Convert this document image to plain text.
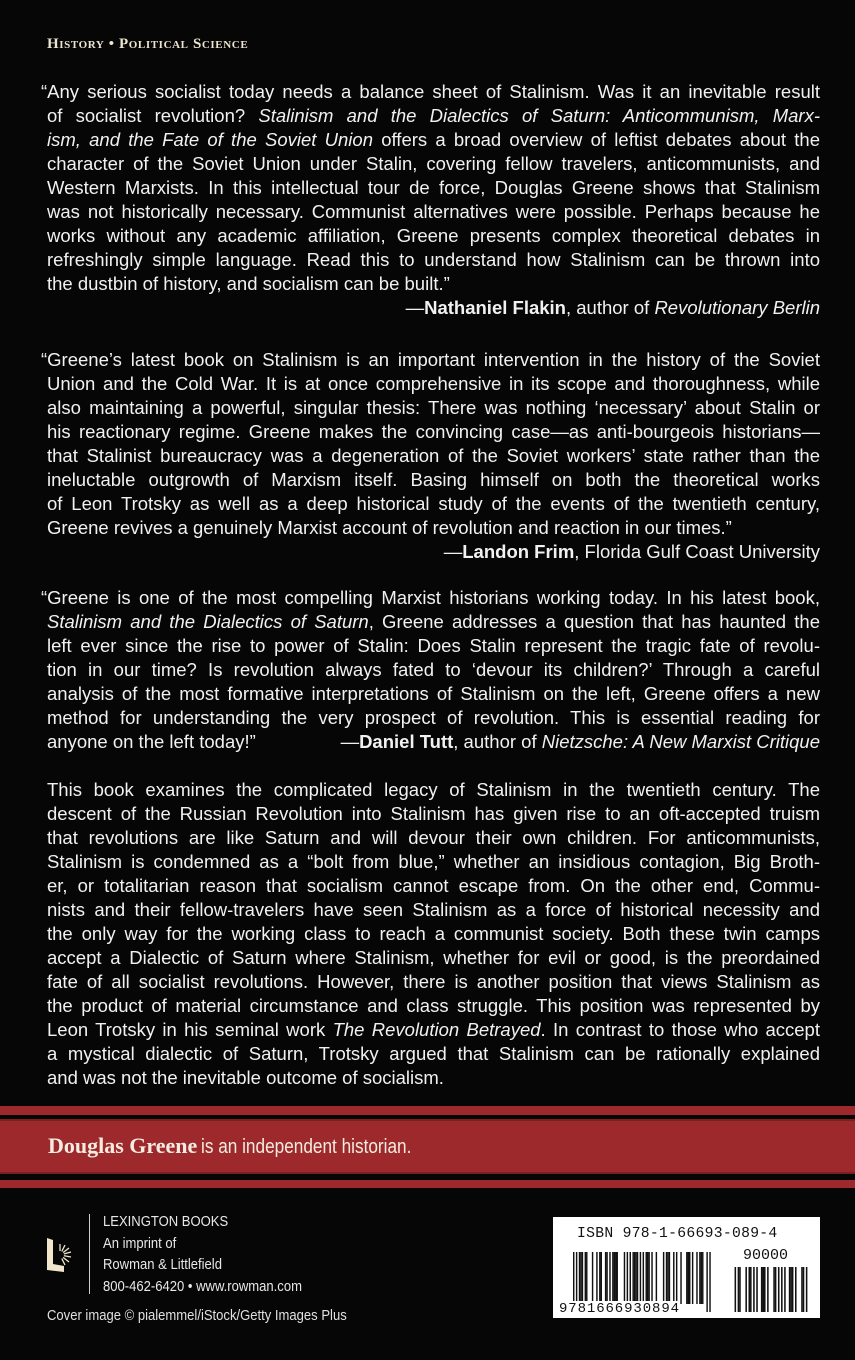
History • Political Science
“Any serious socialist today needs a balance sheet of Stalinism. Was it an inevitable result
of socialist revolution? Stalinism and the Dialectics of Saturn: Anticommunism, Marx-
ism, and the Fate of the Soviet Union offers a broad overview of leftist debates about the
character of the Soviet Union under Stalin, covering fellow travelers, anticommunists, and
Western Marxists. In this intellectual tour de force, Douglas Greene shows that Stalinism
was not historically necessary. Communist alternatives were possible. Perhaps because he
works without any academic affiliation, Greene presents complex theoretical debates in
refreshingly simple language. Read this to understand how Stalinism can be thrown into
the dustbin of history, and socialism can be built.”
—Nathaniel Flakin, author of Revolutionary Berlin
“Greene’s latest book on Stalinism is an important intervention in the history of the Soviet
Union and the Cold War. It is at once comprehensive in its scope and thoroughness, while
also maintaining a powerful, singular thesis: There was nothing ‘necessary’ about Stalin or
his reactionary regime. Greene makes the convincing case—as anti-bourgeois historians—
that Stalinist bureaucracy was a degeneration of the Soviet workers’ state rather than the
ineluctable outgrowth of Marxism itself. Basing himself on both the theoretical works
of Leon Trotsky as well as a deep historical study of the events of the twentieth century,
Greene revives a genuinely Marxist account of revolution and reaction in our times.”
—Landon Frim, Florida Gulf Coast University
“Greene is one of the most compelling Marxist historians working today. In his latest book,
Stalinism and the Dialectics of Saturn, Greene addresses a question that has haunted the
left ever since the rise to power of Stalin: Does Stalin represent the tragic fate of revolu-
tion in our time? Is revolution always fated to ‘devour its children?’ Through a careful
analysis of the most formative interpretations of Stalinism on the left, Greene offers a new
method for understanding the very prospect of revolution. This is essential reading for
anyone on the left today!”	—Daniel Tutt, author of Nietzsche: A New Marxist Critique
This book examines the complicated legacy of Stalinism in the twentieth century. The
descent of the Russian Revolution into Stalinism has given rise to an oft-accepted truism
that revolutions are like Saturn and will devour their own children. For anticommunists,
Stalinism is condemned as a “bolt from blue,” whether an insidious contagion, Big Broth-
er, or totalitarian reason that socialism cannot escape from. On the other end, Commu-
nists and their fellow-travelers have seen Stalinism as a force of historical necessity and
the only way for the working class to reach a communist society. Both these twin camps
accept a Dialectic of Saturn where Stalinism, whether for evil or good, is the preordained
fate of all socialist revolutions. However, there is another position that views Stalinism as
the product of material circumstance and class struggle. This position was represented by
Leon Trotsky in his seminal work The Revolution Betrayed. In contrast to those who accept
a mystical dialectic of Saturn, Trotsky argued that Stalinism can be rationally explained
and was not the inevitable outcome of socialism.
Douglas Greene is an independent historian.
LEXINGTON BOOKS
An imprint of
Rowman & Littlefield
800-462-6420 • www.rowman.com
Cover image © pialemmel/iStock/Getty Images Plus
ISBN 978-1-66693-089-4
90000
9781666930894
